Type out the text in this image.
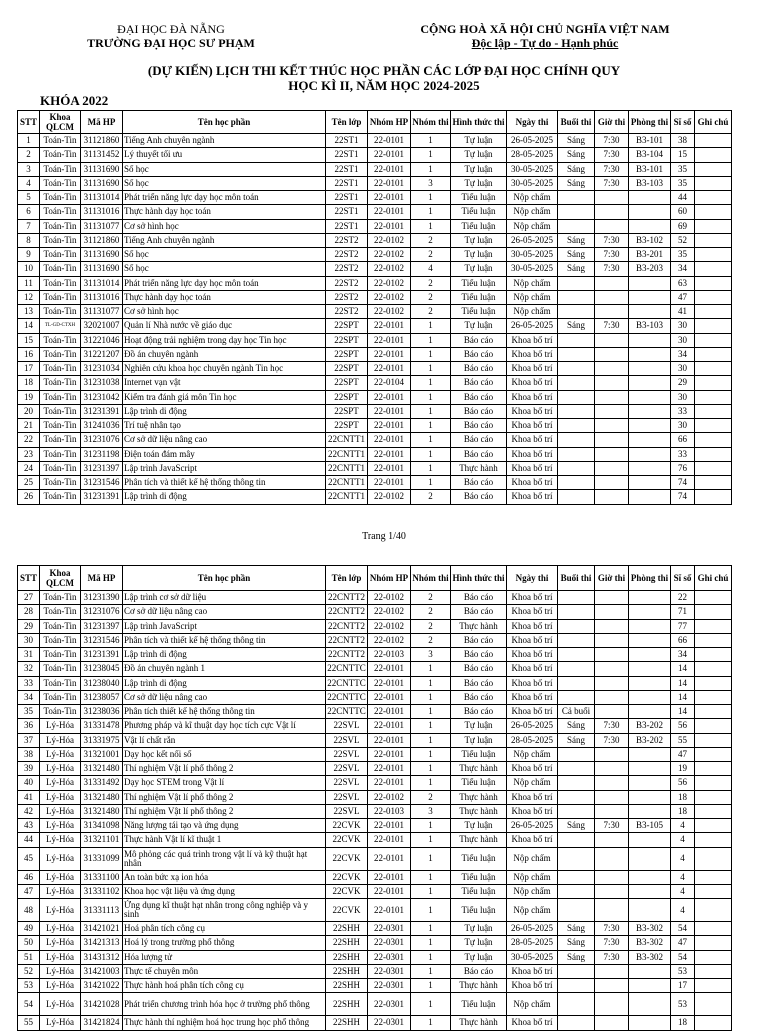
ĐẠI HỌC ĐÀ NẴNG
TRƯỜNG ĐẠI HỌC SƯ PHẠM
CỘNG HOÀ XÃ HỘI CHỦ NGHĨA VIỆT NAM
Độc lập - Tự do - Hạnh phúc
(DỰ KIẾN) LỊCH THI KẾT THÚC HỌC PHẦN CÁC LỚP ĐẠI HỌC CHÍNH QUY
HỌC KÌ II, NĂM HỌC 2024-2025
KHÓA 2022
STT	Khoa QLCM	Mã HP	Tên học phần	Tên lớp	Nhóm HP	Nhóm thi	Hình thức thi	Ngày thi	Buổi thi	Giờ thi	Phòng thi	Sĩ số	Ghi chú
1	Toán-Tin	31121860	Tiếng Anh chuyên ngành	22ST1	22-0101	1	Tự luận	26-05-2025	Sáng	7:30	B3-101	38	
2	Toán-Tin	31131452	Lý thuyết tối ưu	22ST1	22-0101	1	Tự luận	28-05-2025	Sáng	7:30	B3-104	15	
3	Toán-Tin	31131690	Số học	22ST1	22-0101	1	Tự luận	30-05-2025	Sáng	7:30	B3-101	35	
4	Toán-Tin	31131690	Số học	22ST1	22-0101	3	Tự luận	30-05-2025	Sáng	7:30	B3-103	35	
5	Toán-Tin	31131014	Phát triển năng lực dạy học môn toán	22ST1	22-0101	1	Tiểu luận	Nộp chấm				44	
6	Toán-Tin	31131016	Thực hành dạy học toán	22ST1	22-0101	1	Tiểu luận	Nộp chấm				60	
7	Toán-Tin	31131077	Cơ sở hình học	22ST1	22-0101	1	Tiểu luận	Nộp chấm				69	
8	Toán-Tin	31121860	Tiếng Anh chuyên ngành	22ST2	22-0102	2	Tự luận	26-05-2025	Sáng	7:30	B3-102	52	
9	Toán-Tin	31131690	Số học	22ST2	22-0102	2	Tự luận	30-05-2025	Sáng	7:30	B3-201	35	
10	Toán-Tin	31131690	Số học	22ST2	22-0102	4	Tự luận	30-05-2025	Sáng	7:30	B3-203	34	
11	Toán-Tin	31131014	Phát triển năng lực dạy học môn toán	22ST2	22-0102	2	Tiểu luận	Nộp chấm				63	
12	Toán-Tin	31131016	Thực hành dạy học toán	22ST2	22-0102	2	Tiểu luận	Nộp chấm				47	
13	Toán-Tin	31131077	Cơ sở hình học	22ST2	22-0102	2	Tiểu luận	Nộp chấm				41	
14	TL-GD-CTXH	32021007	Quản lí Nhà nước về giáo dục	22SPT	22-0101	1	Tự luận	26-05-2025	Sáng	7:30	B3-103	30	
15	Toán-Tin	31221046	Hoạt động trải nghiệm trong dạy học Tin học	22SPT	22-0101	1	Báo cáo	Khoa bố trí				30	
16	Toán-Tin	31221207	Đồ án chuyên ngành	22SPT	22-0101	1	Báo cáo	Khoa bố trí				34	
17	Toán-Tin	31231034	Nghiên cứu khoa học chuyên ngành Tin học	22SPT	22-0101	1	Báo cáo	Khoa bố trí				30	
18	Toán-Tin	31231038	Internet vạn vật	22SPT	22-0104	1	Báo cáo	Khoa bố trí				29	
19	Toán-Tin	31231042	Kiểm tra đánh giá môn Tin học	22SPT	22-0101	1	Báo cáo	Khoa bố trí				30	
20	Toán-Tin	31231391	Lập trình di động	22SPT	22-0101	1	Báo cáo	Khoa bố trí				33	
21	Toán-Tin	31241036	Trí tuệ nhân tạo	22SPT	22-0101	1	Báo cáo	Khoa bố trí				30	
22	Toán-Tin	31231076	Cơ sở dữ liệu nâng cao	22CNTT1	22-0101	1	Báo cáo	Khoa bố trí				66	
23	Toán-Tin	31231198	Điện toán đám mây	22CNTT1	22-0101	1	Báo cáo	Khoa bố trí				33	
24	Toán-Tin	31231397	Lập trình JavaScript	22CNTT1	22-0101	1	Thực hành	Khoa bố trí				76	
25	Toán-Tin	31231546	Phân tích và thiết kế hệ thống thông tin	22CNTT1	22-0101	1	Báo cáo	Khoa bố trí				74	
26	Toán-Tin	31231391	Lập trình di động	22CNTT1	22-0102	2	Báo cáo	Khoa bố trí				74	
Trang 1/40
STT	Khoa QLCM	Mã HP	Tên học phần	Tên lớp	Nhóm HP	Nhóm thi	Hình thức thi	Ngày thi	Buổi thi	Giờ thi	Phòng thi	Sĩ số	Ghi chú
27	Toán-Tin	31231390	Lập trình cơ sở dữ liệu	22CNTT2	22-0102	2	Báo cáo	Khoa bố trí				22	
28	Toán-Tin	31231076	Cơ sở dữ liệu nâng cao	22CNTT2	22-0102	2	Báo cáo	Khoa bố trí				71	
29	Toán-Tin	31231397	Lập trình JavaScript	22CNTT2	22-0102	2	Thực hành	Khoa bố trí				77	
30	Toán-Tin	31231546	Phân tích và thiết kế hệ thống thông tin	22CNTT2	22-0102	2	Báo cáo	Khoa bố trí				66	
31	Toán-Tin	31231391	Lập trình di động	22CNTT2	22-0103	3	Báo cáo	Khoa bố trí				34	
32	Toán-Tin	31238045	Đồ án chuyên ngành 1	22CNTTC	22-0101	1	Báo cáo	Khoa bố trí				14	
33	Toán-Tin	31238040	Lập trình di động	22CNTTC	22-0101	1	Báo cáo	Khoa bố trí				14	
34	Toán-Tin	31238057	Cơ sở dữ liệu nâng cao	22CNTTC	22-0101	1	Báo cáo	Khoa bố trí				14	
35	Toán-Tin	31238036	Phân tích thiết kế hệ thống thông tin	22CNTTC	22-0101	1	Báo cáo	Khoa bố trí	Cả buổi			14	
36	Lý-Hóa	31331478	Phương pháp và kĩ thuật dạy học tích cực Vật lí	22SVL	22-0101	1	Tự luận	26-05-2025	Sáng	7:30	B3-202	56	
37	Lý-Hóa	31331975	Vật lí chất rắn	22SVL	22-0101	1	Tự luận	28-05-2025	Sáng	7:30	B3-202	55	
38	Lý-Hóa	31321001	Dạy học kết nối số	22SVL	22-0101	1	Tiểu luận	Nộp chấm				47	
39	Lý-Hóa	31321480	Thí nghiệm Vật lí phổ thông 2	22SVL	22-0101	1	Thực hành	Khoa bố trí				19	
40	Lý-Hóa	31331492	Dạy học STEM trong Vật lí	22SVL	22-0101	1	Tiểu luận	Nộp chấm				56	
41	Lý-Hóa	31321480	Thí nghiệm Vật lí phổ thông 2	22SVL	22-0102	2	Thực hành	Khoa bố trí				18	
42	Lý-Hóa	31321480	Thí nghiệm Vật lí phổ thông 2	22SVL	22-0103	3	Thực hành	Khoa bố trí				18	
43	Lý-Hóa	31341098	Năng lượng tái tạo và ứng dụng	22CVK	22-0101	1	Tự luận	26-05-2025	Sáng	7:30	B3-105	4	
44	Lý-Hóa	31321101	Thực hành Vật lí kĩ thuật 1	22CVK	22-0101	1	Thực hành	Khoa bố trí				4	
45	Lý-Hóa	31331099	Mô phỏng các quá trình trong vật lí và kỹ thuật hạt nhân	22CVK	22-0101	1	Tiểu luận	Nộp chấm				4	
46	Lý-Hóa	31331100	An toàn bức xạ ion hóa	22CVK	22-0101	1	Tiểu luận	Nộp chấm				4	
47	Lý-Hóa	31331102	Khoa học vật liệu và ứng dụng	22CVK	22-0101	1	Tiểu luận	Nộp chấm				4	
48	Lý-Hóa	31331113	Ứng dụng kĩ thuật hạt nhân trong công nghiệp và y sinh	22CVK	22-0101	1	Tiểu luận	Nộp chấm				4	
49	Lý-Hóa	31421021	Hoá phân tích công cụ	22SHH	22-0301	1	Tự luận	26-05-2025	Sáng	7:30	B3-302	54	
50	Lý-Hóa	31421313	Hoá lý trong trường phổ thông	22SHH	22-0301	1	Tự luận	28-05-2025	Sáng	7:30	B3-302	47	
51	Lý-Hóa	31431312	Hóa lượng tử	22SHH	22-0301	1	Tự luận	30-05-2025	Sáng	7:30	B3-302	54	
52	Lý-Hóa	31421003	Thực tế chuyên môn	22SHH	22-0301	1	Báo cáo	Khoa bố trí				53	
53	Lý-Hóa	31421022	Thực hành hoá phân tích công cụ	22SHH	22-0301	1	Thực hành	Khoa bố trí				17	
54	Lý-Hóa	31421028	Phát triển chương trình hóa học ở trường phổ thông	22SHH	22-0301	1	Tiểu luận	Nộp chấm				53	
55	Lý-Hóa	31421824	Thực hành thí nghiệm hoá học trung học phổ thông	22SHH	22-0301	1	Thực hành	Khoa bố trí				18	
